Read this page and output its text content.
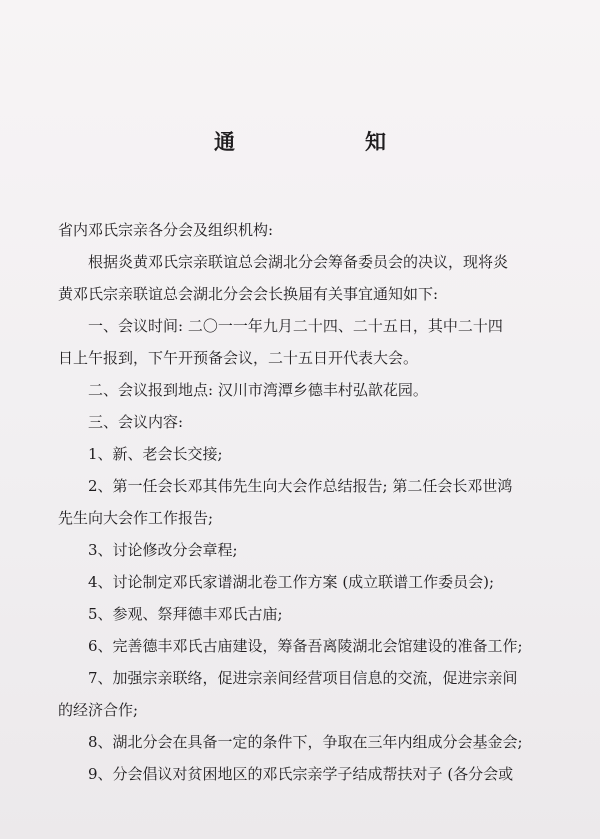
通	知
省内邓氏宗亲各分会及组织机构:
根据炎黄邓氏宗亲联谊总会湖北分会筹备委员会的决议，现将炎
黄邓氏宗亲联谊总会湖北分会会长换届有关事宜通知如下:
一、会议时间: 二〇一一年九月二十四、二十五日，其中二十四
日上午报到，下午开预备会议，二十五日开代表大会。
二、会议报到地点: 汉川市湾潭乡德丰村弘歆花园。
三、会议内容:
1、新、老会长交接;
2、第一任会长邓其伟先生向大会作总结报告; 第二任会长邓世鸿
先生向大会作工作报告;
3、讨论修改分会章程;
4、讨论制定邓氏家谱湖北卷工作方案 (成立联谱工作委员会);
5、参观、祭拜德丰邓氏古庙;
6、完善德丰邓氏古庙建设，筹备吾离陵湖北会馆建设的准备工作;
7、加强宗亲联络，促进宗亲间经营项目信息的交流，促进宗亲间
的经济合作;
8、湖北分会在具备一定的条件下，争取在三年内组成分会基金会;
9、分会倡议对贫困地区的邓氏宗亲学子结成帮扶对子 (各分会或
